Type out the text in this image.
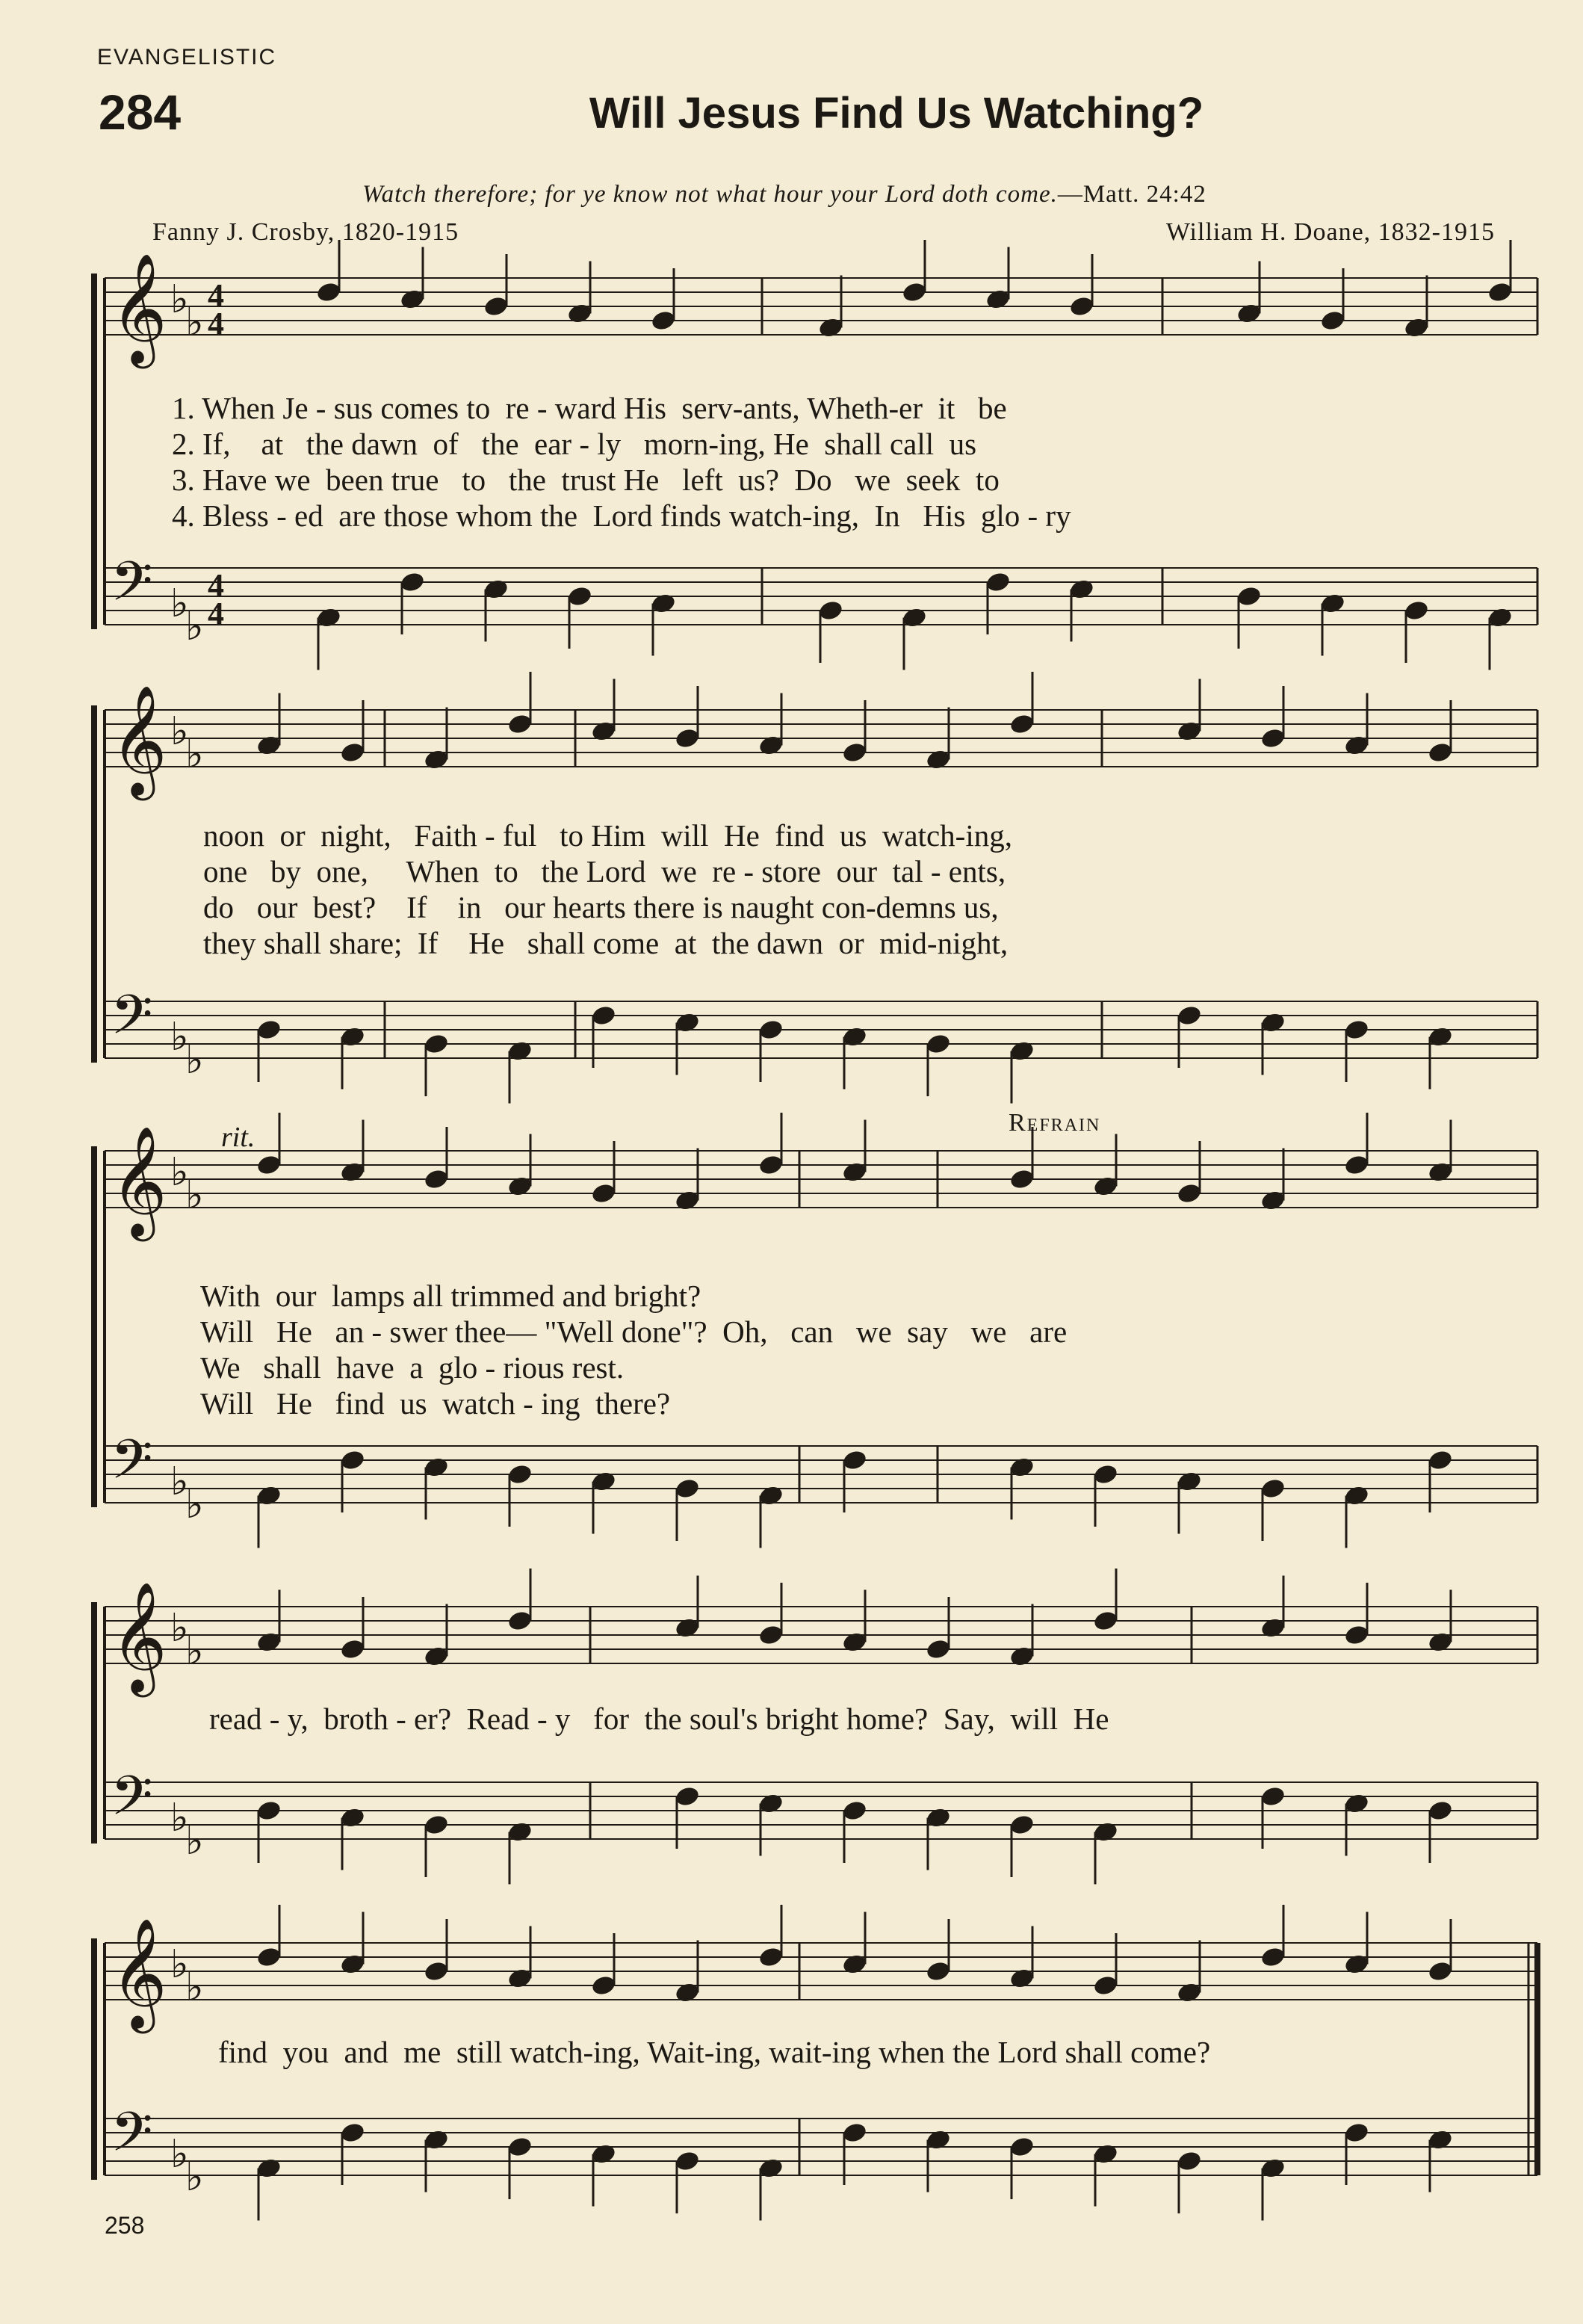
EVANGELISTIC
284	Will Jesus Find Us Watching?
Watch therefore; for ye know not what hour your Lord doth come.—Matt. 24:42
Fanny J. Crosby, 1820-1915	William H. Doane, 1832-1915
𝄞 ♭
♭
4
4
𝄢 ♭
♭
4
4
𝄞 ♭
♭
𝄢 ♭
♭
𝄞 ♭
♭
𝄢 ♭
♭
𝄞 ♭
♭
𝄢 ♭
♭
𝄞 ♭
♭
𝄢 ♭
♭
1. When Je - sus comes to  re - ward His  serv-ants, Wheth-er  it   be
2. If,    at   the dawn  of   the  ear - ly   morn-ing, He  shall call  us
3. Have we  been true   to   the  trust He   left  us?  Do   we  seek  to
4. Bless - ed  are those whom the  Lord finds watch-ing,  In   His  glo - ry
noon  or  night,   Faith - ful   to Him  will  He  find  us  watch-ing,
one   by  one,     When  to   the Lord  we  re - store  our  tal - ents,
do   our  best?    If    in   our hearts there is naught con-demns us,
they shall share;  If    He   shall come  at  the dawn  or  mid-night,
rit.	Refrain
With  our  lamps all trimmed and bright?
Will   He   an - swer thee— "Well done"?  Oh,   can   we  say   we   are
We   shall  have  a  glo - rious rest.
Will   He   find  us  watch - ing  there?
read - y,  broth - er?  Read - y   for  the soul's bright home?  Say,  will  He
find  you  and  me  still watch-ing, Wait-ing, wait-ing when the Lord shall come?
258
